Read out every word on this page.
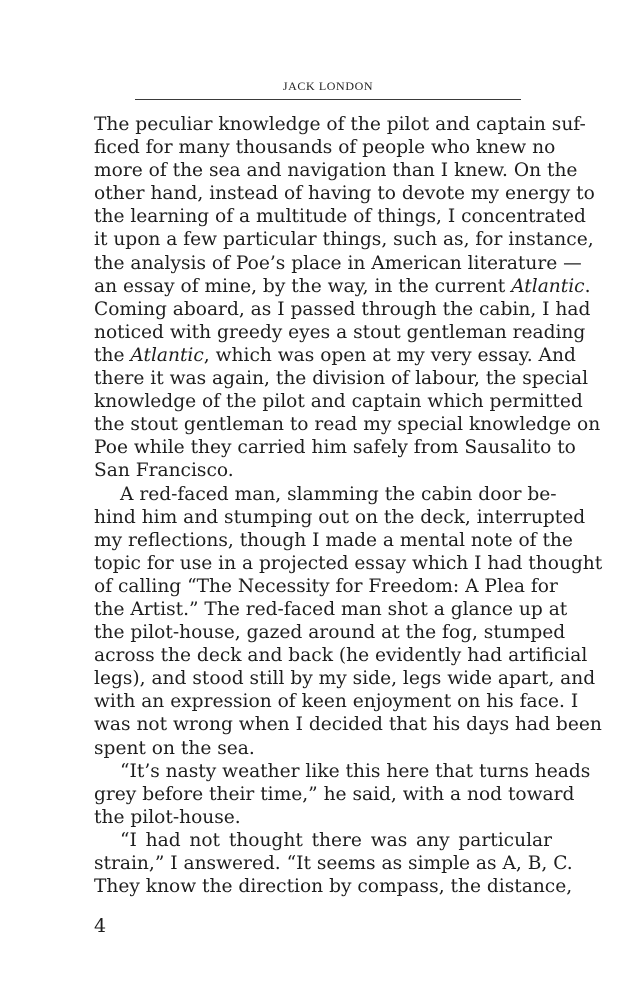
JACK LONDON
The peculiar knowledge of the pilot and captain suf-
ficed for many thousands of people who knew no
more of the sea and navigation than I knew. On the
other hand, instead of having to devote my energy to
the learning of a multitude of things, I concentrated
it upon a few particular things, such as, for instance,
the analysis of Poe’s place in American literature —
an essay of mine, by the way, in the current Atlantic.
Coming aboard, as I passed through the cabin, I had
noticed with greedy eyes a stout gentleman reading
the Atlantic, which was open at my very essay. And
there it was again, the division of labour, the special
knowledge of the pilot and captain which permitted
the stout gentleman to read my special knowledge on
Poe while they carried him safely from Sausalito to
San Francisco.
A red-faced man, slamming the cabin door be-
hind him and stumping out on the deck, interrupted
my reflections, though I made a mental note of the
topic for use in a projected essay which I had thought
of calling “The Necessity for Freedom: A Plea for
the Artist.” The red-faced man shot a glance up at
the pilot-house, gazed around at the fog, stumped
across the deck and back (he evidently had artificial
legs), and stood still by my side, legs wide apart, and
with an expression of keen enjoyment on his face. I
was not wrong when I decided that his days had been
spent on the sea.
“It’s nasty weather like this here that turns heads
grey before their time,” he said, with a nod toward
the pilot-house.
“I had not thought there was any particular
strain,” I answered. “It seems as simple as A, B, C.
They know the direction by compass, the distance,
4
